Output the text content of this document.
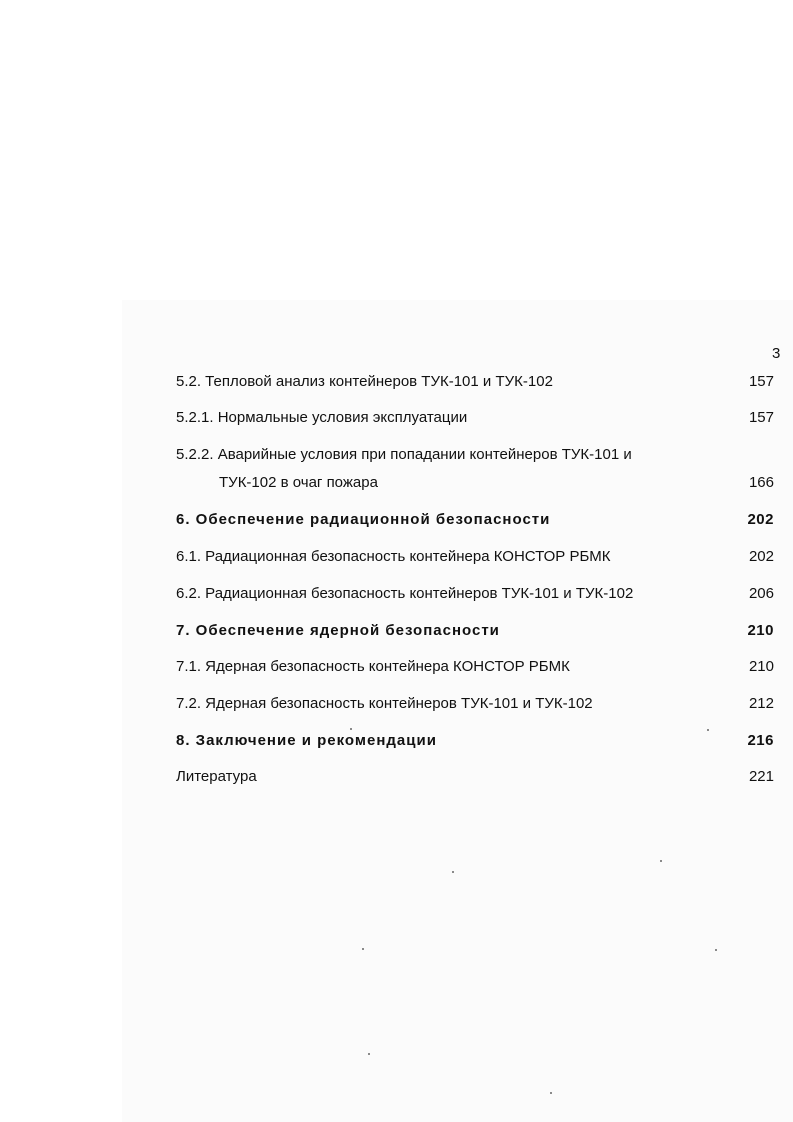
3
5.2. Тепловой анализ контейнеров ТУК-101 и ТУК-102	157
5.2.1. Нормальные условия эксплуатации	157
5.2.2. Аварийные условия при попадании контейнеров ТУК-101 и
ТУК-102 в очаг пожара	166
6. Обеспечение радиационной безопасности	202
6.1. Радиационная безопасность контейнера КОНСТОР РБМК	202
6.2. Радиационная безопасность контейнеров ТУК-101 и ТУК-102	206
7. Обеспечение ядерной безопасности	210
7.1. Ядерная безопасность контейнера КОНСТОР РБМК	210
7.2. Ядерная безопасность контейнеров ТУК-101 и ТУК-102	212
8. Заключение и рекомендации	216
Литература	221
